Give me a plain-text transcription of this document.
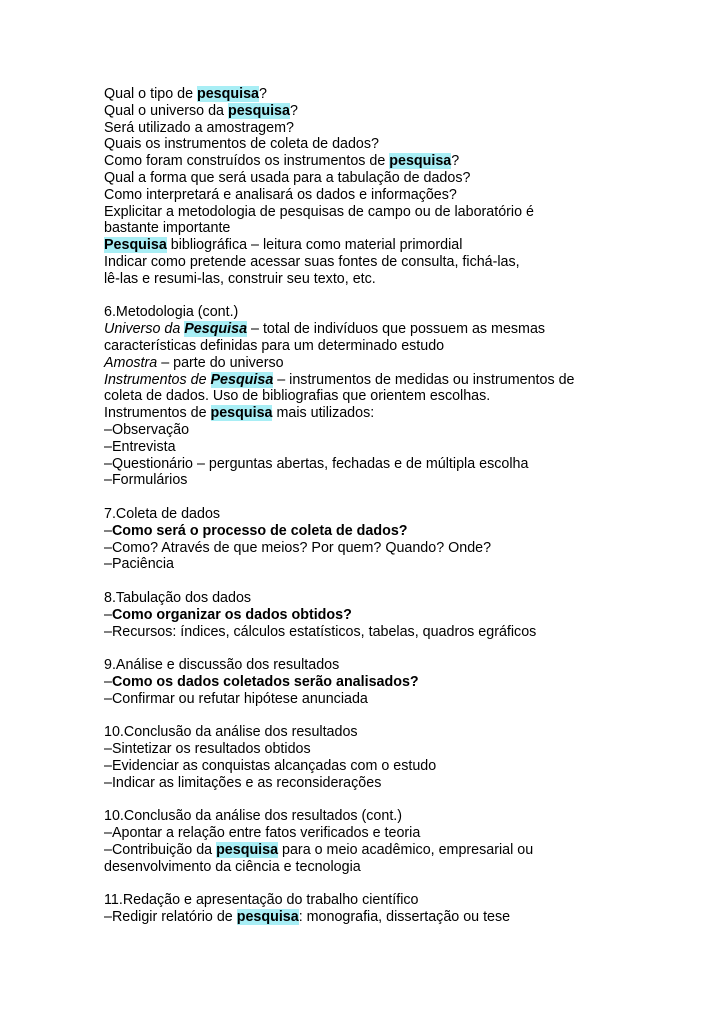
Qual o tipo de pesquisa?
Qual o universo da pesquisa?
Será utilizado a amostragem?
Quais os instrumentos de coleta de dados?
Como foram construídos os instrumentos de pesquisa?
Qual a forma que será usada para a tabulação de dados?
Como interpretará e analisará os dados e informações?
Explicitar a metodologia de pesquisas de campo ou de laboratório é
bastante importante
Pesquisa bibliográfica – leitura como material primordial
Indicar como pretende acessar suas fontes de consulta, fichá-las,
lê-las e resumi-las, construir seu texto, etc.
6.Metodologia (cont.)
Universo da Pesquisa – total de indivíduos que possuem as mesmas
características definidas para um determinado estudo
Amostra – parte do universo
Instrumentos de Pesquisa – instrumentos de medidas ou instrumentos de
coleta de dados. Uso de bibliografias que orientem escolhas.
Instrumentos de pesquisa mais utilizados:
–Observação
–Entrevista
–Questionário – perguntas abertas, fechadas e de múltipla escolha
–Formulários
7.Coleta de dados
–Como será o processo de coleta de dados?
–Como? Através de que meios? Por quem? Quando? Onde?
–Paciência
8.Tabulação dos dados
–Como organizar os dados obtidos?
–Recursos: índices, cálculos estatísticos, tabelas, quadros egráficos
9.Análise e discussão dos resultados
–Como os dados coletados serão analisados?
–Confirmar ou refutar hipótese anunciada
10.Conclusão da análise dos resultados
–Sintetizar os resultados obtidos
–Evidenciar as conquistas alcançadas com o estudo
–Indicar as limitações e as reconsiderações
10.Conclusão da análise dos resultados (cont.)
–Apontar a relação entre fatos verificados e teoria
–Contribuição da pesquisa para o meio acadêmico, empresarial ou
desenvolvimento da ciência e tecnologia
11.Redação e apresentação do trabalho científico
–Redigir relatório de pesquisa: monografia, dissertação ou tese
